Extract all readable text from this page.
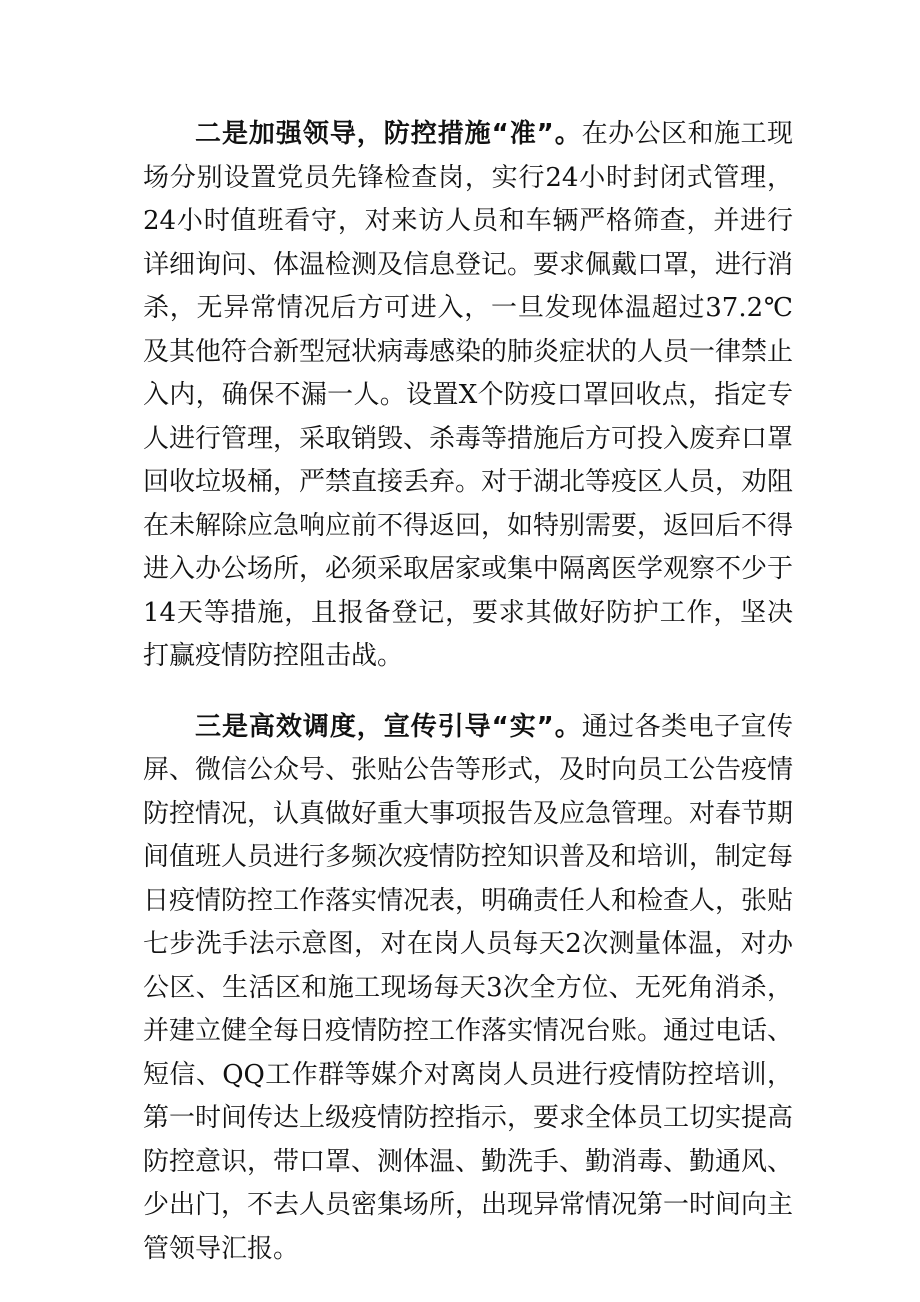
二是加强领导，防控措施“准”。在办公区和施工现场分别设置党员先锋检查岗，实行24小时封闭式管理，24小时值班看守，对来访人员和车辆严格筛查，并进行详细询问、体温检测及信息登记。要求佩戴口罩，进行消杀，无异常情况后方可进入，一旦发现体温超过37.2℃及其他符合新型冠状病毒感染的肺炎症状的人员一律禁止入内，确保不漏一人。设置X个防疫口罩回收点，指定专人进行管理，采取销毁、杀毒等措施后方可投入废弃口罩回收垃圾桶，严禁直接丢弃。对于湖北等疫区人员，劝阻在未解除应急响应前不得返回，如特别需要，返回后不得进入办公场所，必须采取居家或集中隔离医学观察不少于14天等措施，且报备登记，要求其做好防护工作，坚决打赢疫情防控阻击战。

三是高效调度，宣传引导“实”。通过各类电子宣传屏、微信公众号、张贴公告等形式，及时向员工公告疫情防控情况，认真做好重大事项报告及应急管理。对春节期间值班人员进行多频次疫情防控知识普及和培训，制定每日疫情防控工作落实情况表，明确责任人和检查人，张贴七步洗手法示意图，对在岗人员每天2次测量体温，对办公区、生活区和施工现场每天3次全方位、无死角消杀，并建立健全每日疫情防控工作落实情况台账。通过电话、短信、QQ工作群等媒介对离岗人员进行疫情防控培训，第一时间传达上级疫情防控指示，要求全体员工切实提高防控意识，带口罩、测体温、勤洗手、勤消毒、勤通风、少出门，不去人员密集场所，出现异常情况第一时间向主管领导汇报。
